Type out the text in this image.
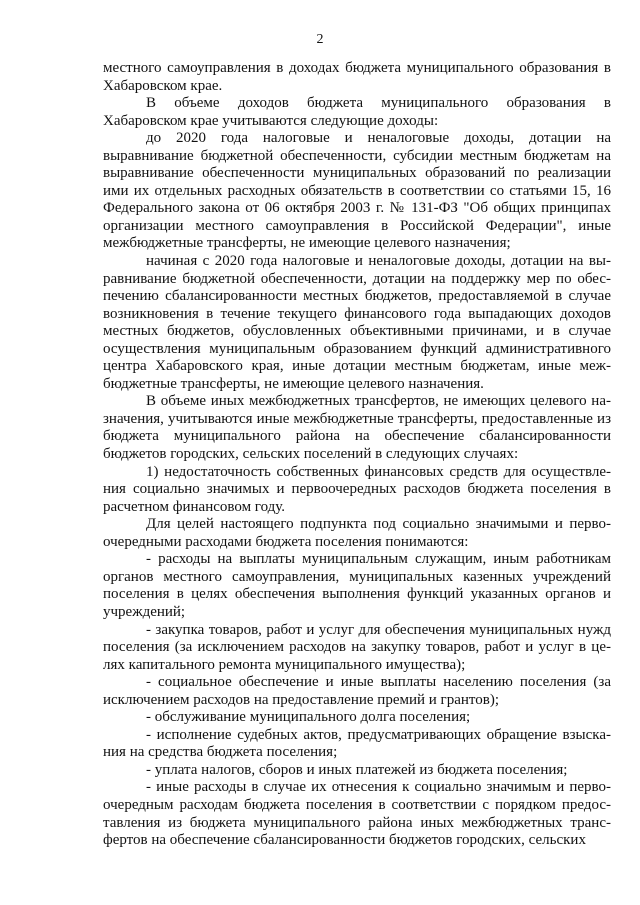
2

местного самоуправления в доходах бюджета муниципального образования в Хабаровском крае.

В объеме доходов бюджета муниципального образования в Хабаровском крае учитываются следующие доходы:

до 2020 года налоговые и неналоговые доходы, дотации на выравнивание бюджетной обеспеченности, субсидии местным бюджетам на выравнивание обеспеченности муниципальных образований по реализации ими их отдельных расходных обязательств в соответствии со статьями 15, 16 Федерального закона от 06 октября 2003 г. № 131-ФЗ "Об общих принципах организации местного самоуправления в Российской Федерации", иные межбюджетные трансферты, не имеющие целевого назначения;

начиная с 2020 года налоговые и неналоговые доходы, дотации на выравнивание бюджетной обеспеченности, дотации на поддержку мер по обеспечению сбалансированности местных бюджетов, предоставляемой в случае возникновения в течение текущего финансового года выпадающих доходов местных бюджетов, обусловленных объективными причинами, и в случае осуществления муниципальным образованием функций административного центра Хабаровского края, иные дотации местным бюджетам, иные межбюджетные трансферты, не имеющие целевого назначения.

В объеме иных межбюджетных трансфертов, не имеющих целевого назначения, учитываются иные межбюджетные трансферты, предоставленные из бюджета муниципального района на обеспечение сбалансированности бюджетов городских, сельских поселений в следующих случаях:

1) недостаточность собственных финансовых средств для осуществления социально значимых и первоочередных расходов бюджета поселения в расчетном финансовом году.

Для целей настоящего подпункта под социально значимыми и первоочередными расходами бюджета поселения понимаются:

- расходы на выплаты муниципальным служащим, иным работникам органов местного самоуправления, муниципальных казенных учреждений поселения в целях обеспечения выполнения функций указанных органов и учреждений;

- закупка товаров, работ и услуг для обеспечения муниципальных нужд поселения (за исключением расходов на закупку товаров, работ и услуг в целях капитального ремонта муниципального имущества);

- социальное обеспечение и иные выплаты населению поселения (за исключением расходов на предоставление премий и грантов);

- обслуживание муниципального долга поселения;

- исполнение судебных актов, предусматривающих обращение взыскания на средства бюджета поселения;

- уплата налогов, сборов и иных платежей из бюджета поселения;

- иные расходы в случае их отнесения к социально значимым и первоочередным расходам бюджета поселения в соответствии с порядком предоставления из бюджета муниципального района иных межбюджетных трансфертов на обеспечение сбалансированности бюджетов городских, сельских
